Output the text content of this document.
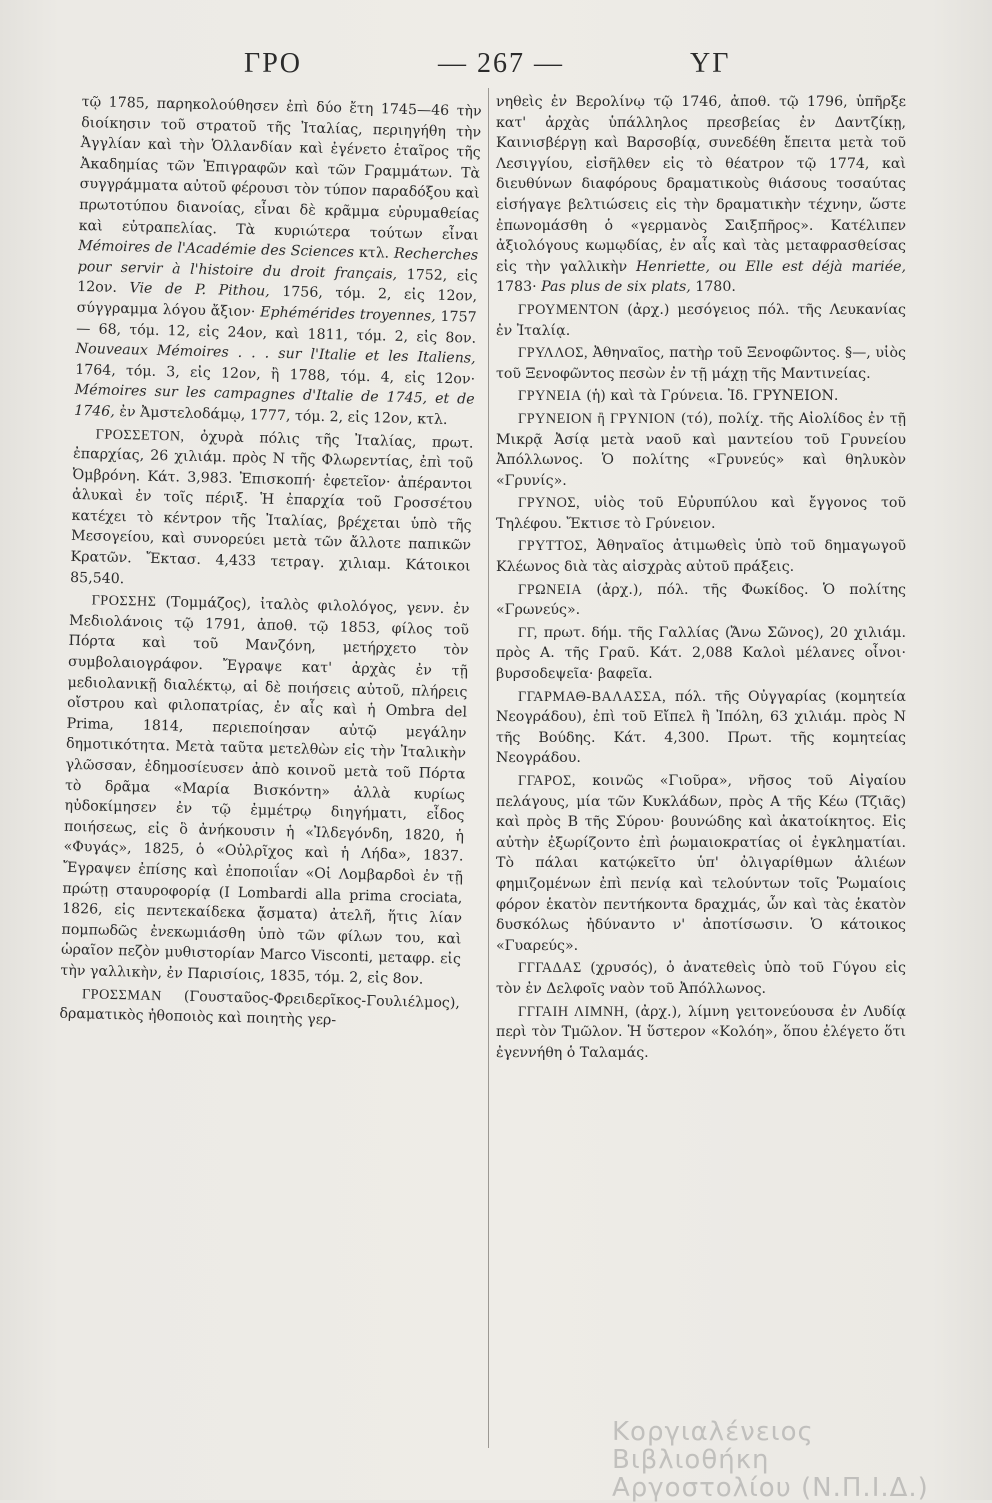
ΓΡΟ	— 267 —	ΥΓ

τῷ 1785, παρηκολούθησεν ἐπὶ δύο ἔτη 1745—46 τὴν διοίκησιν τοῦ στρατοῦ τῆς Ἰταλίας, περιηγήθη τὴν Ἀγγλίαν καὶ τὴν Ὁλλανδίαν καὶ ἐγένετο ἑταῖρος τῆς Ἀκαδημίας τῶν Ἐπιγραφῶν καὶ τῶν Γραμμάτων. Τὰ συγγράμματα αὐτοῦ φέρουσι τὸν τύπον παραδόξου καὶ πρωτοτύπου διανοίας, εἶναι δὲ κρᾶμμα εὐρυμαθείας καὶ εὐτραπελίας. Τὰ κυριώτερα τούτων εἶναι Mémoires de l'Académie des Sciences κτλ. Recherches pour servir à l'histoire du droit français, 1752, εἰς 12ον. Vie de P. Pithou, 1756, τόμ. 2, εἰς 12ον, σύγγραμμα λόγου ἄξιον· Ephémérides troyennes, 1757 — 68, τόμ. 12, εἰς 24ον, καὶ 1811, τόμ. 2, εἰς 8ον. Nouveaux Mémoires . . . sur l'Italie et les Italiens, 1764, τόμ. 3, εἰς 12ον, ἢ 1788, τόμ. 4, εἰς 12ον· Mémoires sur les campagnes d'Italie de 1745, et de 1746, ἐν Ἀμστελοδάμῳ, 1777, τόμ. 2, εἰς 12ον, κτλ.

ΓΡΟΣΣΕΤΟΝ, ὀχυρὰ πόλις τῆς Ἰταλίας, πρωτ. ἐπαρχίας, 26 χιλιάμ. πρὸς Ν τῆς Φλωρεντίας, ἐπὶ τοῦ Ὀμβρόνη. Κάτ. 3,983. Ἐπισκοπή· ἐφετεῖον· ἀπέραντοι ἀλυκαὶ ἐν τοῖς πέριξ. Ἡ ἐπαρχία τοῦ Γροσσέτου κατέχει τὸ κέντρον τῆς Ἰταλίας, βρέχεται ὑπὸ τῆς Μεσογείου, καὶ συνορεύει μετὰ τῶν ἄλλοτε παπικῶν Κρατῶν. Ἔκτασ. 4,433 τετραγ. χιλιαμ. Κάτοικοι 85,540.

ΓΡΟΣΣΗΣ (Τομμάζος), ἰταλὸς φιλολόγος, γενν. ἐν Μεδιολάνοις τῷ 1791, ἀποθ. τῷ 1853, φίλος τοῦ Πόρτα καὶ τοῦ Μανζόνη, μετήρχετο τὸν συμβολαιογράφον. Ἔγραψε κατ' ἀρχὰς ἐν τῇ μεδιολανικῇ διαλέκτῳ, αἱ δὲ ποιήσεις αὐτοῦ, πλήρεις οἴστρου καὶ φιλοπατρίας, ἐν αἷς καὶ ἡ Ombra del Prima, 1814, περιεποίησαν αὐτῷ μεγάλην δημοτικότητα. Μετὰ ταῦτα μετελθὼν εἰς τὴν Ἰταλικὴν γλῶσσαν, ἐδημοσίευσεν ἀπὸ κοινοῦ μετὰ τοῦ Πόρτα τὸ δρᾶμα «Μαρία Βισκόντη» ἀλλὰ κυρίως ηὐδοκίμησεν ἐν τῷ ἐμμέτρῳ διηγήματι, εἶδος ποιήσεως, εἰς ὃ ἀνήκουσιν ἡ «Ἰλδεγόνδη, 1820, ἡ «Φυγάς», 1825, ὁ «Οὐλρῖχος καὶ ἡ Λήδα», 1837. Ἔγραψεν ἐπίσης καὶ ἐποποιΐαν «Οἱ Λομβαρδοὶ ἐν τῇ πρώτῃ σταυροφορίᾳ (I Lombardi alla prima crociata, 1826, εἰς πεντεκαίδεκα ᾄσματα) ἀτελῆ, ἥτις λίαν πομπωδῶς ἐνεκωμιάσθη ὑπὸ τῶν φίλων του, καὶ ὡραῖον πεζὸν μυθιστορίαν Marco Visconti, μεταφρ. εἰς τὴν γαλλικὴν, ἐν Παρισίοις, 1835, τόμ. 2, εἰς 8ον.

ΓΡΟΣΣΜΑΝ (Γουσταῦος-Φρειδερῖκος-Γουλιέλμος), δραματικὸς ἠθοποιὸς καὶ ποιητὴς γερ-

νηθεὶς ἐν Βερολίνῳ τῷ 1746, ἀποθ. τῷ 1796, ὑπῆρξε κατ' ἀρχὰς ὑπάλληλος πρεσβείας ἐν Δαντζίκῃ, Καινισβέργῃ καὶ Βαρσοβίᾳ, συνεδέθη ἔπειτα μετὰ τοῦ Λεσιγγίου, εἰσῆλθεν εἰς τὸ θέατρον τῷ 1774, καὶ διευθύνων διαφόρους δραματικοὺς θιάσους τοσαύτας εἰσήγαγε βελτιώσεις εἰς τὴν δραματικὴν τέχνην, ὥστε ἐπωνομάσθη ὁ «γερμανὸς Σαιξπῆρος». Κατέλιπεν ἀξιολόγους κωμῳδίας, ἐν αἷς καὶ τὰς μεταφρασθείσας εἰς τὴν γαλλικὴν Henriette, ou Elle est déjà mariée, 1783· Pas plus de six plats, 1780.

ΓΡΟΥΜΕΝΤΟΝ (ἀρχ.) μεσόγειος πόλ. τῆς Λευκανίας ἐν Ἰταλίᾳ.

ΓΡΥΛΛΟΣ, Ἀθηναῖος, πατὴρ τοῦ Ξενοφῶντος. §—, υἱὸς τοῦ Ξενοφῶντος πεσὼν ἐν τῇ μάχῃ τῆς Μαντινείας.

ΓΡΥΝΕΙΑ (ἡ) καὶ τὰ Γρύνεια. Ἰδ. ΓΡΥΝΕΙΟΝ.

ΓΡΥΝΕΙΟΝ ἢ ΓΡΥΝΙΟΝ (τό), πολίχ. τῆς Αἰολίδος ἐν τῇ Μικρᾷ Ἀσίᾳ μετὰ ναοῦ καὶ μαντείου τοῦ Γρυνείου Ἀπόλλωνος. Ὁ πολίτης «Γρυνεύς» καὶ θηλυκὸν «Γρυνίς».

ΓΡΥΝΟΣ, υἱὸς τοῦ Εὐρυπύλου καὶ ἔγγονος τοῦ Τηλέφου. Ἔκτισε τὸ Γρύνειον.

ΓΡΥΤΤΟΣ, Ἀθηναῖος ἀτιμωθεὶς ὑπὸ τοῦ δημαγωγοῦ Κλέωνος διὰ τὰς αἰσχρὰς αὐτοῦ πράξεις.

ΓΡΩΝΕΙΑ (ἀρχ.), πόλ. τῆς Φωκίδος. Ὁ πολίτης «Γρωνεύς».

ΓΓ, πρωτ. δήμ. τῆς Γαλλίας (Ἄνω Σῶνος), 20 χιλιάμ. πρὸς Α. τῆς Γραῦ. Κάτ. 2,088 Καλοὶ μέλανες οἶνοι· βυρσοδεψεῖα· βαφεῖα.

ΓΓΑΡΜΑΘ-ΒΑΛΑΣΣΑ, πόλ. τῆς Οὐγγαρίας (κομητεία Νεογράδου), ἐπὶ τοῦ Εἴπελ ἢ Ἰπόλη, 63 χιλιάμ. πρὸς Ν τῆς Βούδης. Κάτ. 4,300. Πρωτ. τῆς κομητείας Νεογράδου.

ΓΓΑΡΟΣ, κοινῶς «Γιοῦρα», νῆσος τοῦ Αἰγαίου πελάγους, μία τῶν Κυκλάδων, πρὸς Α τῆς Κέω (Τζιᾶς) καὶ πρὸς Β τῆς Σύρου· βουνώδης καὶ ἀκατοίκητος. Εἰς αὐτὴν ἐξωρίζοντο ἐπὶ ῥωμαιοκρατίας οἱ ἐγκληματίαι. Τὸ πάλαι κατῴκεῖτο ὑπ' ὀλιγαρίθμων ἁλιέων φημιζομένων ἐπὶ πενίᾳ καὶ τελούντων τοῖς Ῥωμαίοις φόρον ἑκατὸν πεντήκοντα δραχμάς, ὧν καὶ τὰς ἑκατὸν δυσκόλως ἠδύναντο ν' ἀποτίσωσιν. Ὁ κάτοικος «Γυαρεύς».

ΓΓΓΑΔΑΣ (χρυσός), ὁ ἀνατεθεὶς ὑπὸ τοῦ Γύγου εἰς τὸν ἐν Δελφοῖς ναὸν τοῦ Ἀπόλλωνος.

ΓΓΓΑΙΗ ΛΙΜΝΗ, (ἀρχ.), λίμνη γειτονεύουσα ἐν Λυδίᾳ περὶ τὸν Τμῶλον. Ἡ ὕστερον «Κολόη», ὅπου ἐλέγετο ὅτι ἐγεννήθη ὁ Ταλαμάς.

Κοργιαλένειος Βιβλιοθήκη Αργοστολίου (Ν.Π.Ι.Δ.)
